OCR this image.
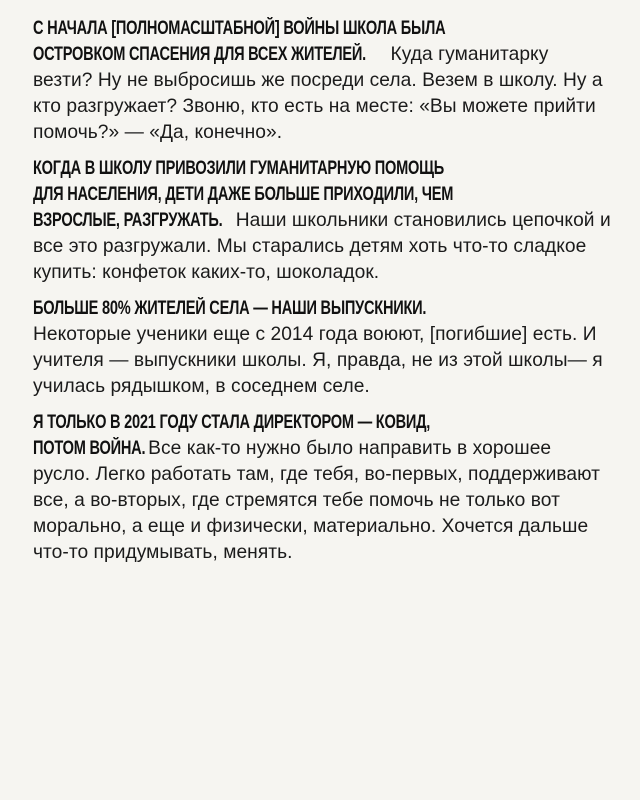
С НАЧАЛА [ПОЛНОМАСШТАБНОЙ] ВОЙНЫ ШКОЛА БЫЛА
ОСТРОВКОМ СПАСЕНИЯ ДЛЯ ВСЕХ ЖИТЕЛЕЙ. Куда гуманитарку везти? Ну не выбросишь же посреди села. Везем в школу. Ну а кто разгружает? Звоню, кто есть на месте: «Вы можете прийти помочь?» — «Да, конечно».

КОГДА В ШКОЛУ ПРИВОЗИЛИ ГУМАНИТАРНУЮ ПОМОЩЬ
ДЛЯ НАСЕЛЕНИЯ, ДЕТИ ДАЖЕ БОЛЬШЕ ПРИХОДИЛИ, ЧЕМ
ВЗРОСЛЫЕ, РАЗГРУЖАТЬ. Наши школьники становились цепочкой и все это разгружали. Мы старались детям хоть что-то сладкое купить: конфеток каких-то, шоколадок.

БОЛЬШЕ 80% ЖИТЕЛЕЙ СЕЛА — НАШИ ВЫПУСКНИКИ.
Некоторые ученики еще с 2014 года воюют, [погибшие] есть. И учителя — выпускники школы. Я, правда, не из этой школы— я училась рядышком, в соседнем селе.

Я ТОЛЬКО В 2021 ГОДУ СТАЛА ДИРЕКТОРОМ — КОВИД,
ПОТОМ ВОЙНА. Все как-то нужно было направить в хорошее русло. Легко работать там, где тебя, во-первых, поддерживают все, а во-вторых, где стремятся тебе помочь не только вот морально, а еще и физически, материально. Хочется дальше что-то придумывать, менять.
